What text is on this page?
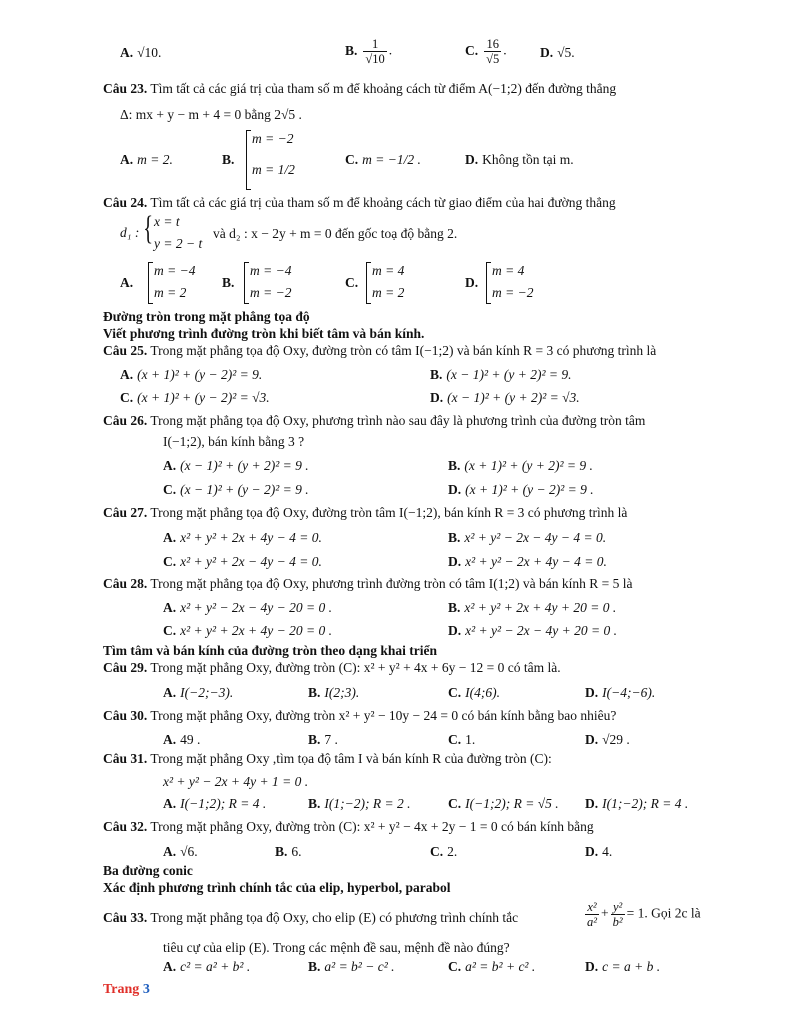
A. √10.	B. $\frac{1}{√10}$ .	C. $\frac{16}{√5}$ . D. √5.
Câu 23. Tìm tất cả các giá trị của tham số m để khoảng cách từ điểm A(−1;2) đến đường thẳng
Δ: mx + y − m + 4 = 0 bằng 2√5 .
A. m = 2.	B.
m = −2
m = 1/2
C. m = −1/2 .	D. Không tồn tại m.
Câu 24. Tìm tất cả các giá trị của tham số m để khoảng cách từ giao điểm của hai đường thẳng
d₁ : { x = t
y = 2 − t
và d₂ : x − 2y + m = 0 đến gốc toạ độ bằng 2.
A.
m = −4
m = 2
B.
m = −4
m = −2
C.
m = 4
m = 2
D.
m = 4
m = −2
Đường tròn trong mặt phẳng tọa độ
Viết phương trình đường tròn khi biết tâm và bán kính.
Câu 25. Trong mặt phẳng tọa độ Oxy, đường tròn có tâm I(−1;2) và bán kính R = 3 có phương trình là
A. (x + 1)² + (y − 2)² = 9.	B. (x − 1)² + (y + 2)² = 9.
C. (x + 1)² + (y − 2)² = √3.	D. (x − 1)² + (y + 2)² = √3.
Câu 26. Trong mặt phẳng tọa độ Oxy, phương trình nào sau đây là phương trình của đường tròn tâm
I(−1;2), bán kính bằng 3 ?
A. (x − 1)² + (y + 2)² = 9 .	B. (x + 1)² + (y + 2)² = 9 .
C. (x − 1)² + (y − 2)² = 9 .	D. (x + 1)² + (y − 2)² = 9 .
Câu 27. Trong mặt phẳng tọa độ Oxy, đường tròn tâm I(−1;2), bán kính R = 3 có phương trình là
A. x² + y² + 2x + 4y − 4 = 0.	B. x² + y² − 2x − 4y − 4 = 0.
C. x² + y² + 2x − 4y − 4 = 0.	D. x² + y² − 2x + 4y − 4 = 0.
Câu 28. Trong mặt phẳng tọa độ Oxy, phương trình đường tròn có tâm I(1;2) và bán kính R = 5 là
A. x² + y² − 2x − 4y − 20 = 0 .	B. x² + y² + 2x + 4y + 20 = 0 .
C. x² + y² + 2x + 4y − 20 = 0 .	D. x² + y² − 2x − 4y + 20 = 0 .
Tìm tâm và bán kính của đường tròn theo dạng khai triển
Câu 29. Trong mặt phẳng Oxy, đường tròn (C): x² + y² + 4x + 6y − 12 = 0 có tâm là.
A. I(−2;−3).	B. I(2;3).	C. I(4;6).	D. I(−4;−6).
Câu 30. Trong mặt phẳng Oxy, đường tròn x² + y² − 10y − 24 = 0 có bán kính bằng bao nhiêu?
A. 49 .	B. 7 .	C. 1.	D. √29 .
Câu 31. Trong mặt phẳng Oxy ,tìm tọa độ tâm I và bán kính R của đường tròn (C):
x² + y² − 2x + 4y + 1 = 0 .
A. I(−1;2); R = 4 .	B. I(1;−2); R = 2 .	C. I(−1;2); R = √5 . D. I(1;−2); R = 4 .
Câu 32. Trong mặt phẳng Oxy, đường tròn (C): x² + y² − 4x + 2y − 1 = 0 có bán kính bằng
A. √6.	B. 6.	C. 2.	D. 4.
Ba đường conic
Xác định phương trình chính tắc của elip, hyperbol, parabol
Câu 33. Trong mặt phẳng tọa độ Oxy, cho elip (E) có phương trình chính tắc	$\frac{\text{x²}}{\text{a²}} + \frac{\text{y²}}{\text{b²}} = 1$. Gọi 2c là
tiêu cự của elip (E). Trong các mệnh đề sau, mệnh đề nào đúng?
A. c² = a² + b² .	B. a² = b² − c² .	C. a² = b² + c² .	D. c = a + b .
Trang 3
